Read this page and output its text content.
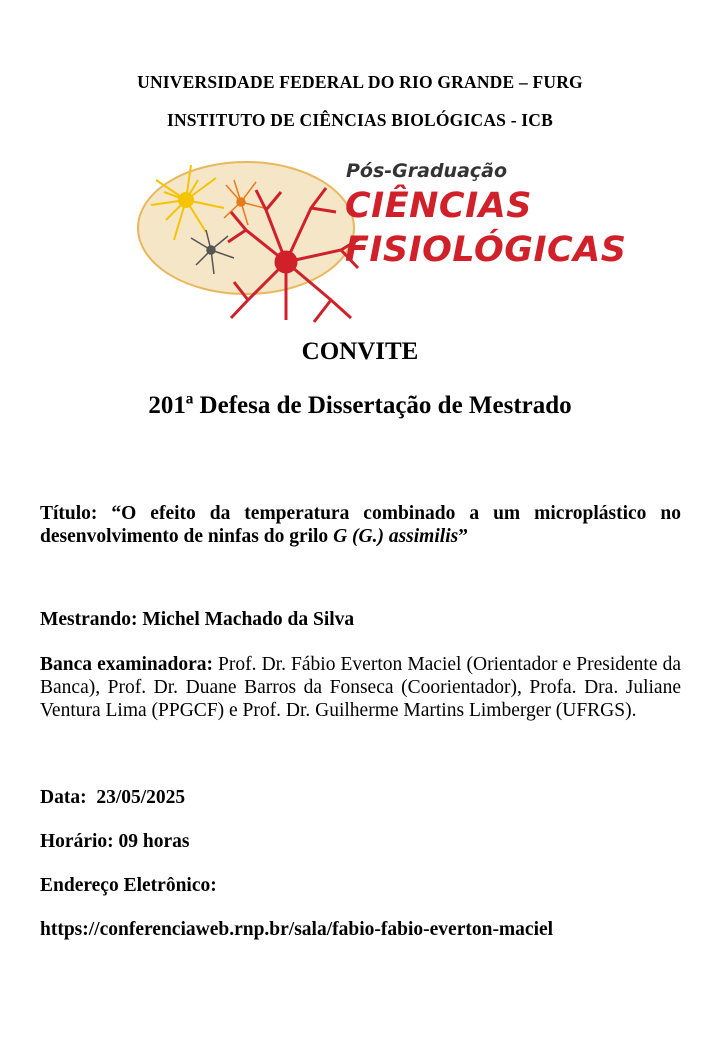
UNIVERSIDADE FEDERAL DO RIO GRANDE – FURG
INSTITUTO DE CIÊNCIAS BIOLÓGICAS - ICB
Pós-Graduação
CIÊNCIAS
FISIOLÓGICAS
CONVITE
201ª Defesa de Dissertação de Mestrado
Título: “O efeito da temperatura combinado a um microplástico no desenvolvimento de ninfas do grilo G (G.) assimilis”
Mestrando: Michel Machado da Silva
Banca examinadora: Prof. Dr. Fábio Everton Maciel (Orientador e Presidente da Banca), Prof. Dr. Duane Barros da Fonseca (Coorientador), Profa. Dra. Juliane Ventura Lima (PPGCF) e Prof. Dr. Guilherme Martins Limberger (UFRGS).
Data:  23/05/2025
Horário: 09 horas
Endereço Eletrônico:
https://conferenciaweb.rnp.br/sala/fabio-fabio-everton-maciel
